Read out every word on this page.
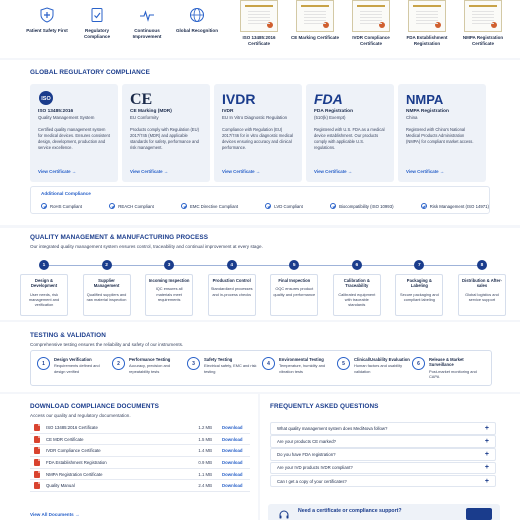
Patient Safety First	Regulatory Compliance
Continuous Improvement
Global Recognition
ISO 13485:2016 Certificate
CE Marking Certificate	IVDR Compliance Certificate
FDA Establishment Registration
NMPA Registration Certificate
GLOBAL REGULATORY COMPLIANCE
ISO
ISO 13485:2016
Quality Management System
Certified quality management system for medical devices. Ensures consistent design, development, production and service excellence.
View Certificate →
CE
CE Marking (MDR)
EU Conformity
Products comply with Regulation (EU) 2017/745 (MDR) and applicable standards for safety, performance and risk management.
View Certificate →
IVDR
IVDR
EU In Vitro Diagnostic Regulation
Compliance with Regulation (EU) 2017/746 for in vitro diagnostic medical devices ensuring accuracy and clinical performance.
View Certificate →
FDA
FDA Registration
(510(k) Exempt)
Registered with U.S. FDA as a medical device establishment. Our products comply with applicable U.S. regulations.
View Certificate →
NMPA
NMPA Registration
China
Registered with China's National Medical Products Administration (NMPA) for compliant market access.
View Certificate →
Additional Compliance
RoHS Compliant	REACH Compliant	EMC Directive Compliant	LVD Compliant	Biocompatibility (ISO 10993)	Risk Management (ISO 14971)
QUALITY MANAGEMENT & MANUFACTURING PROCESS
Our integrated quality management system ensures control, traceability and continual improvement at every stage.
1
Design & Development
User needs, risk management and verification
2
Supplier Management
Qualified suppliers and raw material inspection
3
Incoming Inspection
IQC ensures all materials meet requirements
4
Production Control
Standardized processes and in-process checks
5
Final Inspection
OQC ensures product quality and performance
6
Calibration & Traceability
Calibrated equipment with traceable standards
7
Packaging & Labeling
Secure packaging and compliant labeling
8
Distribution & After-sales
Global logistics and service support
TESTING & VALIDATION
Comprehensive testing ensures the reliability and safety of our instruments.
1
Design Verification
Requirements defined and design verified
2
Performance Testing
Accuracy, precision and repeatability tests
3
Safety Testing
Electrical safety, EMC and risk testing
4
Environmental Testing
Temperature, humidity and vibration tests
5
Clinical/Usability Evaluation
Human factors and usability validation
6
Release & Market Surveillance
Post-market monitoring and CAPA
DOWNLOAD COMPLIANCE DOCUMENTS
Access our quality and regulatory documentation.
ISO 13485:2016 Certificate	1.2 MB Download
CE MDR Certificate	1.5 MB Download
IVDR Compliance Certificate	1.4 MB Download
FDA Establishment Registration	0.9 MB Download
NMPA Registration Certificate	1.1 MB Download
Quality Manual	2.4 MB Download
View All Documents →
FREQUENTLY ASKED QUESTIONS
What quality management system does MediNova follow?	+
Are your products CE marked?	+
Do you have FDA registration?	+
Are your IVD products IVDR compliant?	+
Can I get a copy of your certificates?	+
Need a certificate or compliance support?
